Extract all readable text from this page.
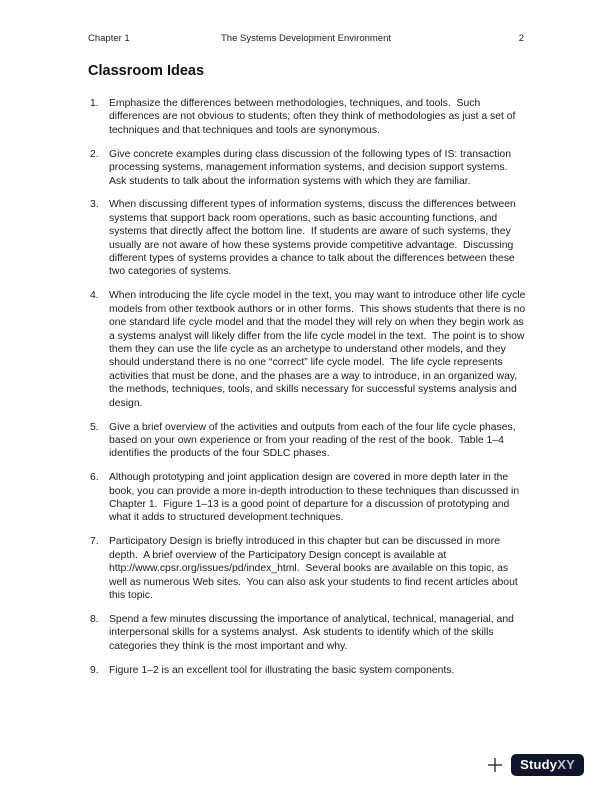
Chapter 1	The Systems Development Environment	2
Classroom Ideas
1. Emphasize the differences between methodologies, techniques, and tools.  Such differences are not obvious to students; often they think of methodologies as just a set of techniques and that techniques and tools are synonymous.
2. Give concrete examples during class discussion of the following types of IS: transaction processing systems, management information systems, and decision support systems.  Ask students to talk about the information systems with which they are familiar.
3. When discussing different types of information systems, discuss the differences between systems that support back room operations, such as basic accounting functions, and systems that directly affect the bottom line.  If students are aware of such systems, they usually are not aware of how these systems provide competitive advantage.  Discussing different types of systems provides a chance to talk about the differences between these two categories of systems.
4. When introducing the life cycle model in the text, you may want to introduce other life cycle models from other textbook authors or in other forms.  This shows students that there is no one standard life cycle model and that the model they will rely on when they begin work as a systems analyst will likely differ from the life cycle model in the text.  The point is to show them they can use the life cycle as an archetype to understand other models, and they should understand there is no one “correct” life cycle model.  The life cycle represents activities that must be done, and the phases are a way to introduce, in an organized way, the methods, techniques, tools, and skills necessary for successful systems analysis and design.
5. Give a brief overview of the activities and outputs from each of the four life cycle phases, based on your own experience or from your reading of the rest of the book.  Table 1–4 identifies the products of the four SDLC phases.
6. Although prototyping and joint application design are covered in more depth later in the book, you can provide a more in-depth introduction to these techniques than discussed in Chapter 1.  Figure 1–13 is a good point of departure for a discussion of prototyping and what it adds to structured development techniques.
7. Participatory Design is briefly introduced in this chapter but can be discussed in more depth.  A brief overview of the Participatory Design concept is available at http://www.cpsr.org/issues/pd/index_html.  Several books are available on this topic, as well as numerous Web sites.  You can also ask your students to find recent articles about this topic.
8. Spend a few minutes discussing the importance of analytical, technical, managerial, and interpersonal skills for a systems analyst.  Ask students to identify which of the skills categories they think is the most important and why.
9. Figure 1–2 is an excellent tool for illustrating the basic system components.
StudyXY
